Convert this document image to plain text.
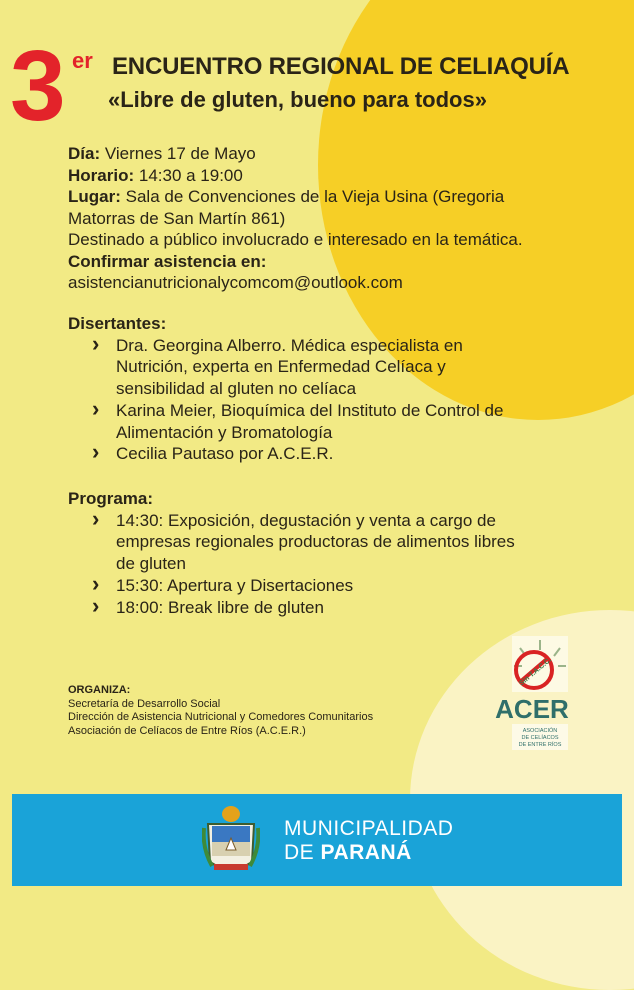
3 er ENCUENTRO REGIONAL DE CELIAQUÍA
«Libre de gluten, bueno para todos»

Día: Viernes 17 de Mayo

Horario: 14:30 a 19:00

Lugar: Sala de Convenciones de la Vieja Usina (Gregoria

Matorras de San Martín 861)

Destinado a público involucrado e interesado en la temática.

Confirmar asistencia en:

asistencianutricionalycomcom@outlook.com

Disertantes:
› Dra. Georgina Alberro. Médica especialista en
Nutrición, experta en Enfermedad Celíaca y
sensibilidad al gluten no celíaca
› Karina Meier, Bioquímica del Instituto de Control de
Alimentación y Bromatología
› Cecilia Pautaso por A.C.E.R.
Programa:
› 14:30: Exposición, degustación y venta a cargo de
empresas regionales productoras de alimentos libres
de gluten
› 15:30: Apertura y Disertaciones
› 18:00: Break libre de gluten
ORGANIZA:
Secretaría de Desarrollo Social
Dirección de Asistencia Nutricional y Comedores Comunitarios
Asociación de Celíacos de Entre Ríos (A.C.E.R.)
Sin T.A.C.C.
ACER
ASOCIACIÓN
DE CELÍACOS
DE ENTRE RÍOS
MUNICIPALIDAD
DE PARANÁ
